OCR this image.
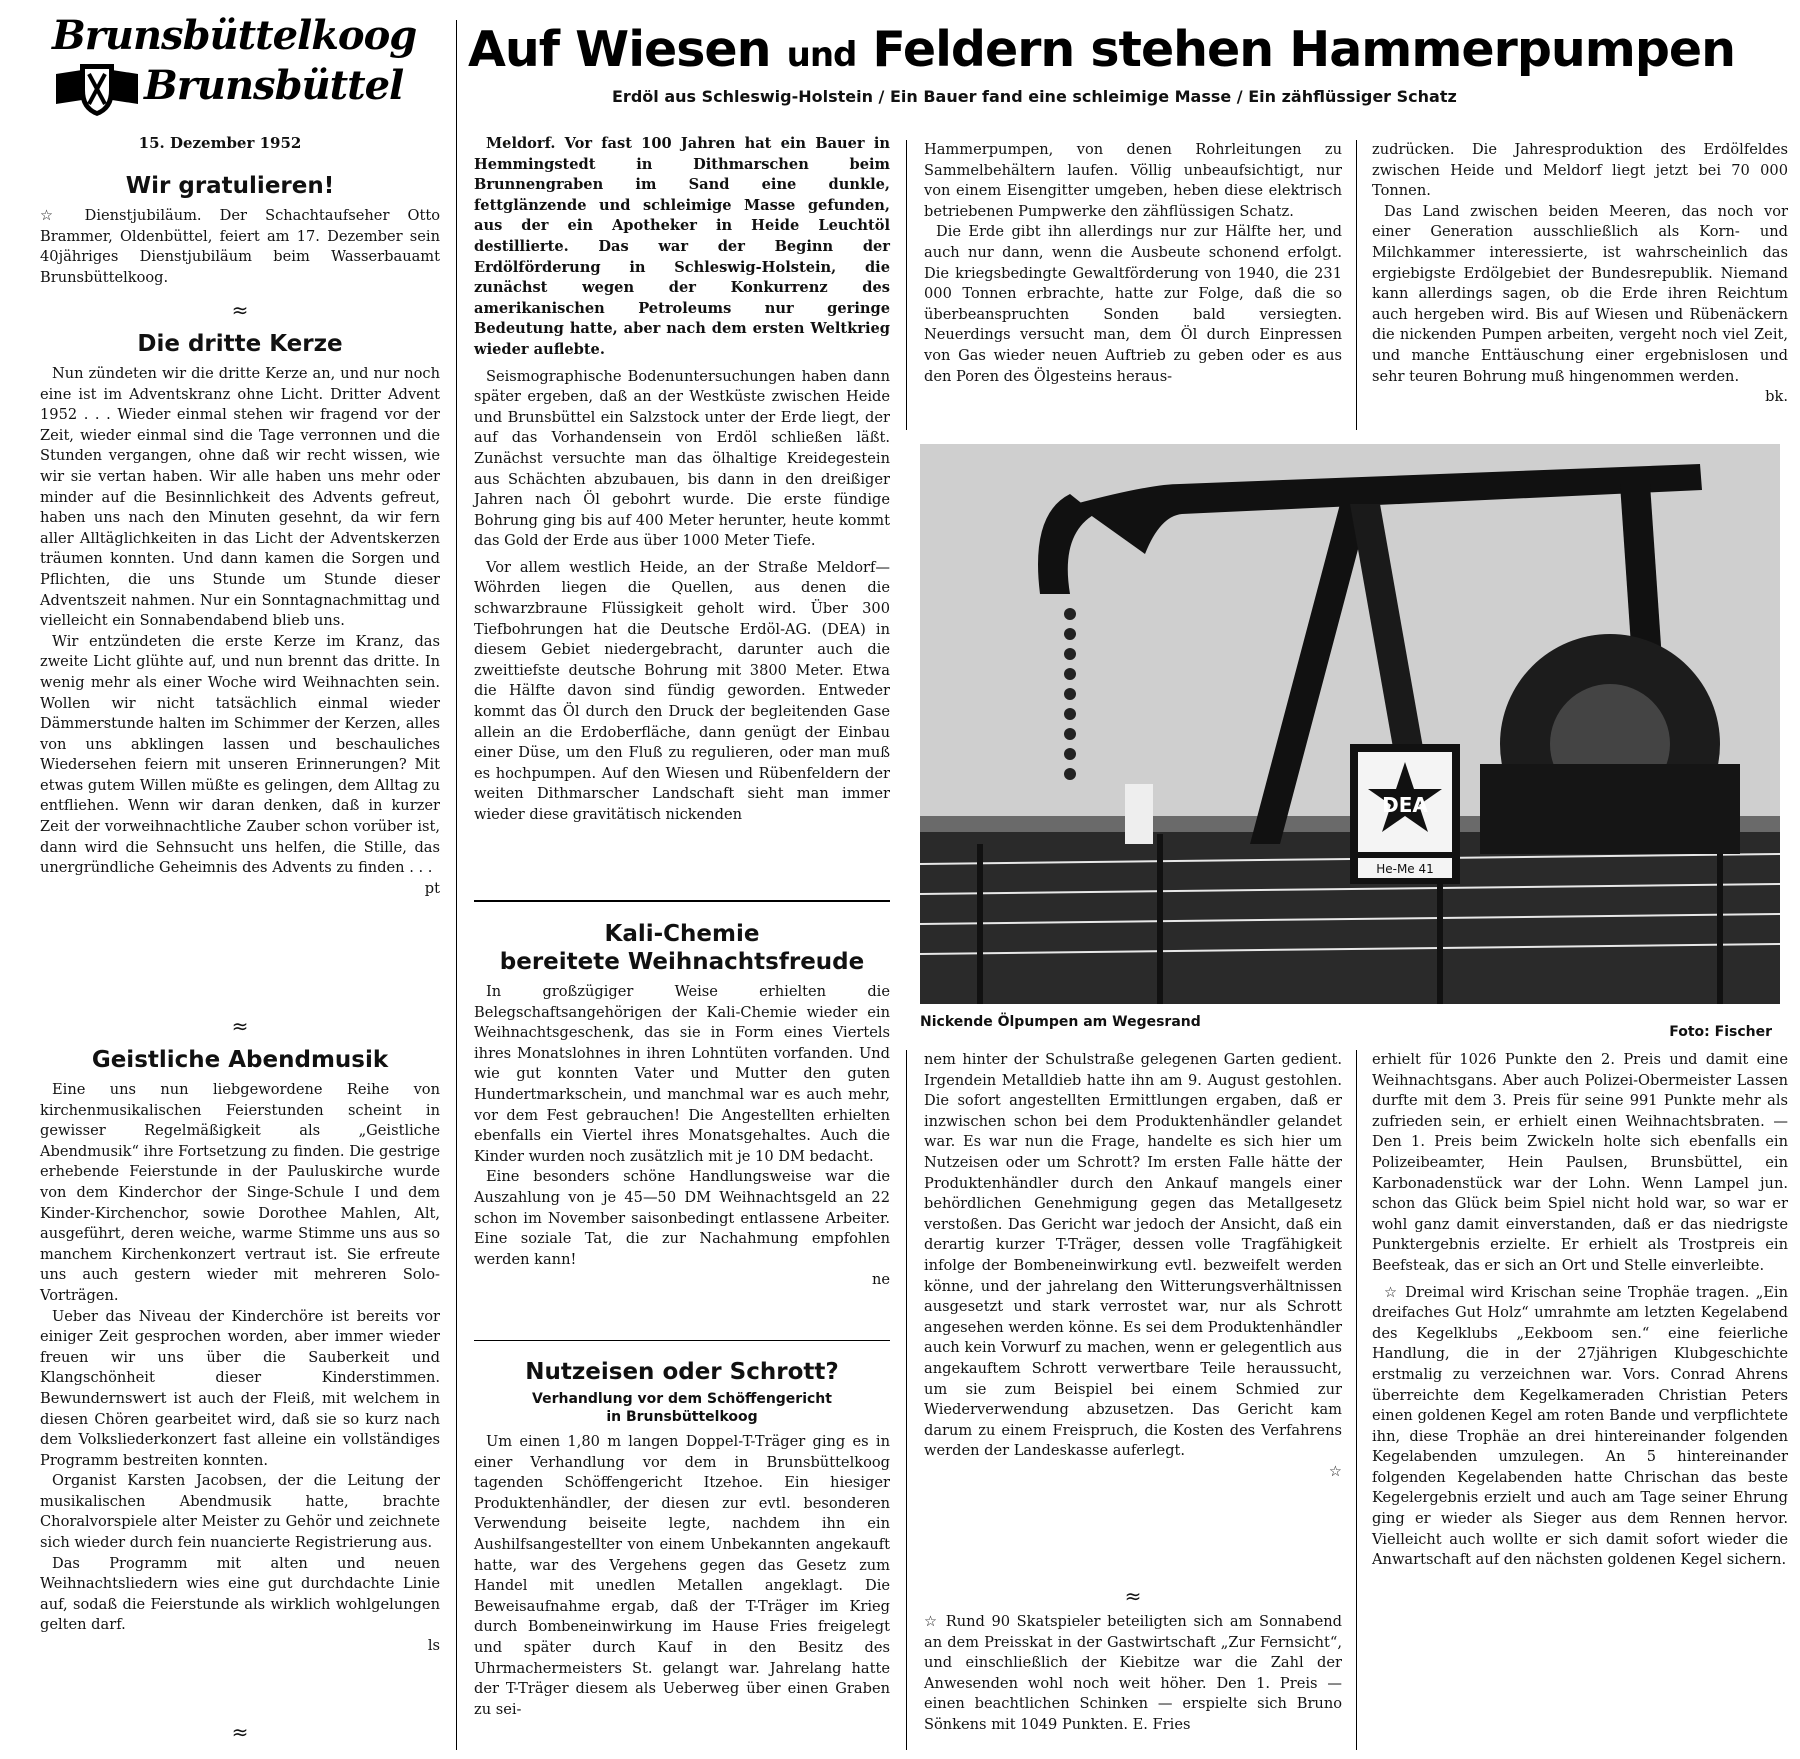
Brunsbüttelkoog
Brunsbüttel
15. Dezember 1952
Auf Wiesen und Feldern stehen Hammerpumpen
Erdöl aus Schleswig-Holstein / Ein Bauer fand eine schleimige Masse / Ein zähflüssiger Schatz
Wir gratulieren!

☆ Dienstjubiläum. Der Schachtaufseher Otto Brammer, Oldenbüttel, feiert am 17. Dezember sein 40jähriges Dienstjubiläum beim Wasserbauamt Brunsbüttelkoog.

≈
Die dritte Kerze

Nun zündeten wir die dritte Kerze an, und nur noch eine ist im Adventskranz ohne Licht. Dritter Advent 1952 . . . Wieder einmal stehen wir fragend vor der Zeit, wieder einmal sind die Tage verronnen und die Stunden vergangen, ohne daß wir recht wissen, wie wir sie vertan haben. Wir alle haben uns mehr oder minder auf die Besinnlichkeit des Advents gefreut, haben uns nach den Minuten gesehnt, da wir fern aller Alltäglichkeiten in das Licht der Adventskerzen träumen konnten. Und dann kamen die Sorgen und Pflichten, die uns Stunde um Stunde dieser Adventszeit nahmen. Nur ein Sonntagnachmittag und vielleicht ein Sonnabendabend blieb uns.

Wir entzündeten die erste Kerze im Kranz, das zweite Licht glühte auf, und nun brennt das dritte. In wenig mehr als einer Woche wird Weihnachten sein. Wollen wir nicht tatsächlich einmal wieder Dämmerstunde halten im Schimmer der Kerzen, alles von uns abklingen lassen und beschauliches Wiedersehen feiern mit unseren Erinnerungen? Mit etwas gutem Willen müßte es gelingen, dem Alltag zu entfliehen. Wenn wir daran denken, daß in kurzer Zeit der vorweihnachtliche Zauber schon vorüber ist, dann wird die Sehnsucht uns helfen, die Stille, das unergründliche Geheimnis des Advents zu finden . . .

pt

≈
Geistliche Abendmusik

Eine uns nun liebgewordene Reihe von kirchenmusikalischen Feierstunden scheint in gewisser Regelmäßigkeit als „Geistliche Abendmusik“ ihre Fortsetzung zu finden. Die gestrige erhebende Feierstunde in der Pauluskirche wurde von dem Kinderchor der Singe-Schule I und dem Kinder-Kirchenchor, sowie Dorothee Mahlen, Alt, ausgeführt, deren weiche, warme Stimme uns aus so manchem Kirchenkonzert vertraut ist. Sie erfreute uns auch gestern wieder mit mehreren Solo-Vorträgen.

Ueber das Niveau der Kinderchöre ist bereits vor einiger Zeit gesprochen worden, aber immer wieder freuen wir uns über die Sauberkeit und Klangschönheit dieser Kinderstimmen. Bewundernswert ist auch der Fleiß, mit welchem in diesen Chören gearbeitet wird, daß sie so kurz nach dem Volksliederkonzert fast alleine ein vollständiges Programm bestreiten konnten.

Organist Karsten Jacobsen, der die Leitung der musikalischen Abendmusik hatte, brachte Choralvorspiele alter Meister zu Gehör und zeichnete sich wieder durch fein nuancierte Registrierung aus.

Das Programm mit alten und neuen Weihnachtsliedern wies eine gut durchdachte Linie auf, sodaß die Feierstunde als wirklich wohlgelungen gelten darf.

ls

≈

Meldorf. Vor fast 100 Jahren hat ein Bauer in Hemmingstedt in Dithmarschen beim Brunnengraben im Sand eine dunkle, fettglänzende und schleimige Masse gefunden, aus der ein Apotheker in Heide Leuchtöl destillierte. Das war der Beginn der Erdölförderung in Schleswig-Holstein, die zunächst wegen der Konkurrenz des amerikanischen Petroleums nur geringe Bedeutung hatte, aber nach dem ersten Weltkrieg wieder auflebte.

Seismographische Bodenuntersuchungen haben dann später ergeben, daß an der Westküste zwischen Heide und Brunsbüttel ein Salzstock unter der Erde liegt, der auf das Vorhandensein von Erdöl schließen läßt. Zunächst versuchte man das ölhaltige Kreidegestein aus Schächten abzubauen, bis dann in den dreißiger Jahren nach Öl gebohrt wurde. Die erste fündige Bohrung ging bis auf 400 Meter herunter, heute kommt das Gold der Erde aus über 1000 Meter Tiefe.

Vor allem westlich Heide, an der Straße Meldorf—Wöhrden liegen die Quellen, aus denen die schwarzbraune Flüssigkeit geholt wird. Über 300 Tiefbohrungen hat die Deutsche Erdöl-AG. (DEA) in diesem Gebiet niedergebracht, darunter auch die zweittiefste deutsche Bohrung mit 3800 Meter. Etwa die Hälfte davon sind fündig geworden. Entweder kommt das Öl durch den Druck der begleitenden Gase allein an die Erdoberfläche, dann genügt der Einbau einer Düse, um den Fluß zu regulieren, oder man muß es hochpumpen. Auf den Wiesen und Rübenfeldern der weiten Dithmarscher Landschaft sieht man immer wieder diese gravitätisch nickenden

Kali-Chemie
bereitete Weihnachtsfreude

In großzügiger Weise erhielten die Belegschaftsangehörigen der Kali-Chemie wieder ein Weihnachtsgeschenk, das sie in Form eines Viertels ihres Monatslohnes in ihren Lohntüten vorfanden. Und wie gut konnten Vater und Mutter den guten Hundertmarkschein, und manchmal war es auch mehr, vor dem Fest gebrauchen! Die Angestellten erhielten ebenfalls ein Viertel ihres Monatsgehaltes. Auch die Kinder wurden noch zusätzlich mit je 10 DM bedacht.

Eine besonders schöne Handlungsweise war die Auszahlung von je 45—50 DM Weihnachtsgeld an 22 schon im November saisonbedingt entlassene Arbeiter. Eine soziale Tat, die zur Nachahmung empfohlen werden kann!

ne

Nutzeisen oder Schrott?
Verhandlung vor dem Schöffengericht
in Brunsbüttelkoog

Um einen 1,80 m langen Doppel-T-Träger ging es in einer Verhandlung vor dem in Brunsbüttelkoog tagenden Schöffengericht Itzehoe. Ein hiesiger Produktenhändler, der diesen zur evtl. besonderen Verwendung beiseite legte, nachdem ihn ein Aushilfsangestellter von einem Unbekannten angekauft hatte, war des Vergehens gegen das Gesetz zum Handel mit unedlen Metallen angeklagt. Die Beweisaufnahme ergab, daß der T-Träger im Krieg durch Bombeneinwirkung im Hause Fries freigelegt und später durch Kauf in den Besitz des Uhrmachermeisters St. gelangt war. Jahrelang hatte der T-Träger diesem als Ueberweg über einen Graben zu sei-

Hammerpumpen, von denen Rohrleitungen zu Sammelbehältern laufen. Völlig unbeaufsichtigt, nur von einem Eisengitter umgeben, heben diese elektrisch betriebenen Pumpwerke den zähflüssigen Schatz.

Die Erde gibt ihn allerdings nur zur Hälfte her, und auch nur dann, wenn die Ausbeute schonend erfolgt. Die kriegsbedingte Gewaltförderung von 1940, die 231 000 Tonnen erbrachte, hatte zur Folge, daß die so überbeanspruchten Sonden bald versiegten. Neuerdings versucht man, dem Öl durch Einpressen von Gas wieder neuen Auftrieb zu geben oder es aus den Poren des Ölgesteins heraus-

zudrücken. Die Jahresproduktion des Erdölfeldes zwischen Heide und Meldorf liegt jetzt bei 70 000 Tonnen.

Das Land zwischen beiden Meeren, das noch vor einer Generation ausschließlich als Korn- und Milchkammer interessierte, ist wahrscheinlich das ergiebigste Erdölgebiet der Bundesrepublik. Niemand kann allerdings sagen, ob die Erde ihren Reichtum auch hergeben wird. Bis auf Wiesen und Rübenäckern die nickenden Pumpen arbeiten, vergeht noch viel Zeit, und manche Enttäuschung einer ergebnislosen und sehr teuren Bohrung muß hingenommen werden.

bk.

DEA
He-Me 41
Nickende Ölpumpen am Wegesrand
Foto: Fischer

nem hinter der Schulstraße gelegenen Garten gedient. Irgendein Metalldieb hatte ihn am 9. August gestohlen. Die sofort angestellten Ermittlungen ergaben, daß er inzwischen schon bei dem Produktenhändler gelandet war. Es war nun die Frage, handelte es sich hier um Nutzeisen oder um Schrott? Im ersten Falle hätte der Produktenhändler durch den Ankauf mangels einer behördlichen Genehmigung gegen das Metallgesetz verstoßen. Das Gericht war jedoch der Ansicht, daß ein derartig kurzer T-Träger, dessen volle Tragfähigkeit infolge der Bombeneinwirkung evtl. bezweifelt werden könne, und der jahrelang den Witterungsverhältnissen ausgesetzt und stark verrostet war, nur als Schrott angesehen werden könne. Es sei dem Produktenhändler auch kein Vorwurf zu machen, wenn er gelegentlich aus angekauftem Schrott verwertbare Teile heraussucht, um sie zum Beispiel bei einem Schmied zur Wiederverwendung abzusetzen. Das Gericht kam darum zu einem Freispruch, die Kosten des Verfahrens werden der Landeskasse auferlegt.

☆

≈

☆ Rund 90 Skatspieler beteiligten sich am Sonnabend an dem Preisskat in der Gastwirtschaft „Zur Fernsicht“, und einschließlich der Kiebitze war die Zahl der Anwesenden wohl noch weit höher. Den 1. Preis — einen beachtlichen Schinken — erspielte sich Bruno Sönkens mit 1049 Punkten. E. Fries

erhielt für 1026 Punkte den 2. Preis und damit eine Weihnachtsgans. Aber auch Polizei-Obermeister Lassen durfte mit dem 3. Preis für seine 991 Punkte mehr als zufrieden sein, er erhielt einen Weihnachtsbraten. — Den 1. Preis beim Zwickeln holte sich ebenfalls ein Polizeibeamter, Hein Paulsen, Brunsbüttel, ein Karbonadenstück war der Lohn. Wenn Lampel jun. schon das Glück beim Spiel nicht hold war, so war er wohl ganz damit einverstanden, daß er das niedrigste Punktergebnis erzielte. Er erhielt als Trostpreis ein Beefsteak, das er sich an Ort und Stelle einverleibte.

☆ Dreimal wird Krischan seine Trophäe tragen. „Ein dreifaches Gut Holz“ umrahmte am letzten Kegelabend des Kegelklubs „Eekboom sen.“ eine feierliche Handlung, die in der 27jährigen Klubgeschichte erstmalig zu verzeichnen war. Vors. Conrad Ahrens überreichte dem Kegelkameraden Christian Peters einen goldenen Kegel am roten Bande und verpflichtete ihn, diese Trophäe an drei hintereinander folgenden Kegelabenden umzulegen. An 5 hintereinander folgenden Kegelabenden hatte Chrischan das beste Kegelergebnis erzielt und auch am Tage seiner Ehrung ging er wieder als Sieger aus dem Rennen hervor. Vielleicht auch wollte er sich damit sofort wieder die Anwartschaft auf den nächsten goldenen Kegel sichern.
